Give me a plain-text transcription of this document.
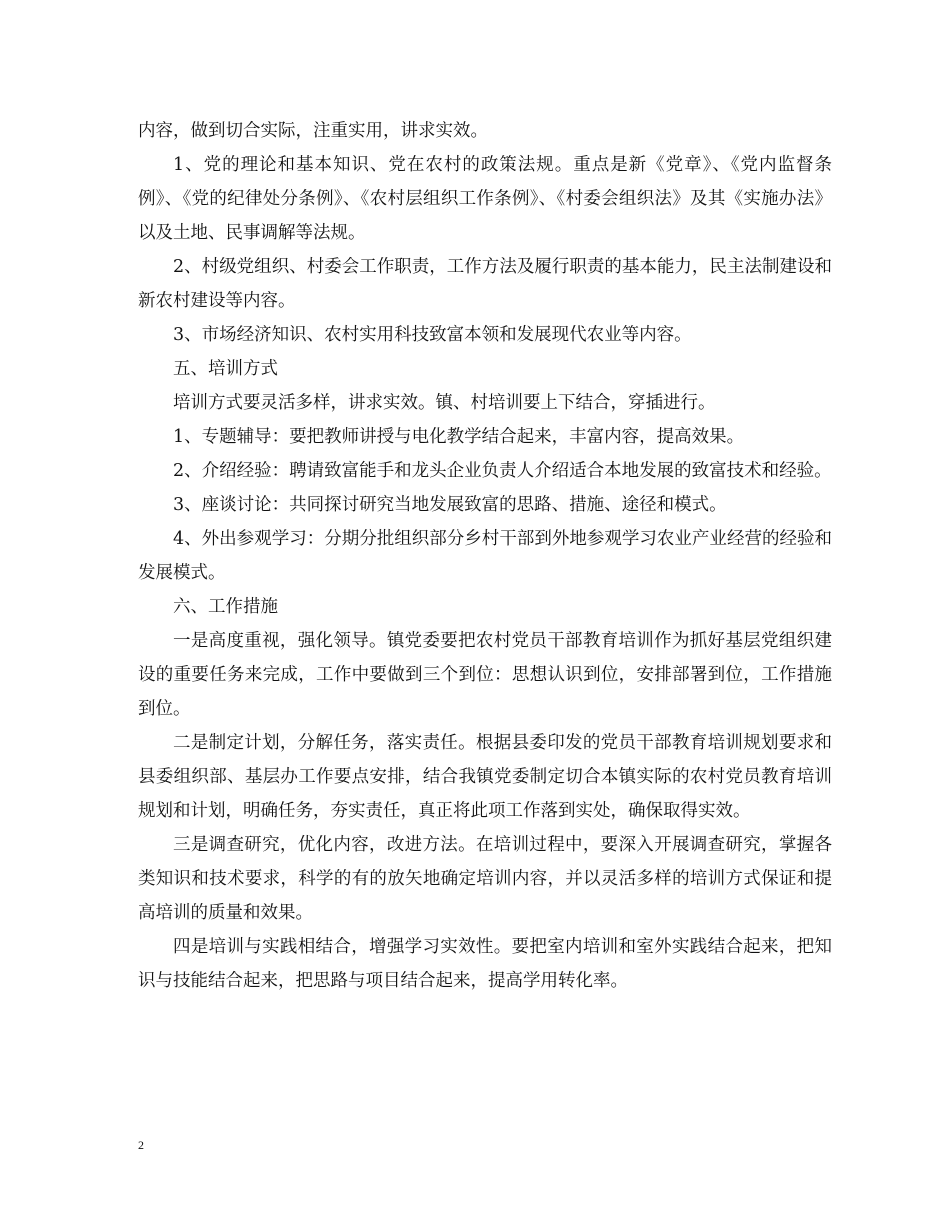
内容，做到切合实际，注重实用，讲求实效。

1、党的理论和基本知识、党在农村的政策法规。重点是新《党章》、《党内监督条例》、《党的纪律处分条例》、《农村层组织工作条例》、《村委会组织法》及其《实施办法》以及土地、民事调解等法规。

2、村级党组织、村委会工作职责，工作方法及履行职责的基本能力，民主法制建设和新农村建设等内容。

3、市场经济知识、农村实用科技致富本领和发展现代农业等内容。

五、培训方式

培训方式要灵活多样，讲求实效。镇、村培训要上下结合，穿插进行。

1、专题辅导：要把教师讲授与电化教学结合起来，丰富内容，提高效果。

2、介绍经验：聘请致富能手和龙头企业负责人介绍适合本地发展的致富技术和经验。

3、座谈讨论：共同探讨研究当地发展致富的思路、措施、途径和模式。

4、外出参观学习：分期分批组织部分乡村干部到外地参观学习农业产业经营的经验和发展模式。

六、工作措施

一是高度重视，强化领导。镇党委要把农村党员干部教育培训作为抓好基层党组织建设的重要任务来完成，工作中要做到三个到位：思想认识到位，安排部署到位，工作措施到位。

二是制定计划，分解任务，落实责任。根据县委印发的党员干部教育培训规划要求和县委组织部、基层办工作要点安排，结合我镇党委制定切合本镇实际的农村党员教育培训规划和计划，明确任务，夯实责任，真正将此项工作落到实处，确保取得实效。

三是调查研究，优化内容，改进方法。在培训过程中，要深入开展调查研究，掌握各类知识和技术要求，科学的有的放矢地确定培训内容，并以灵活多样的培训方式保证和提高培训的质量和效果。

四是培训与实践相结合，增强学习实效性。要把室内培训和室外实践结合起来，把知识与技能结合起来，把思路与项目结合起来，提高学用转化率。

2
